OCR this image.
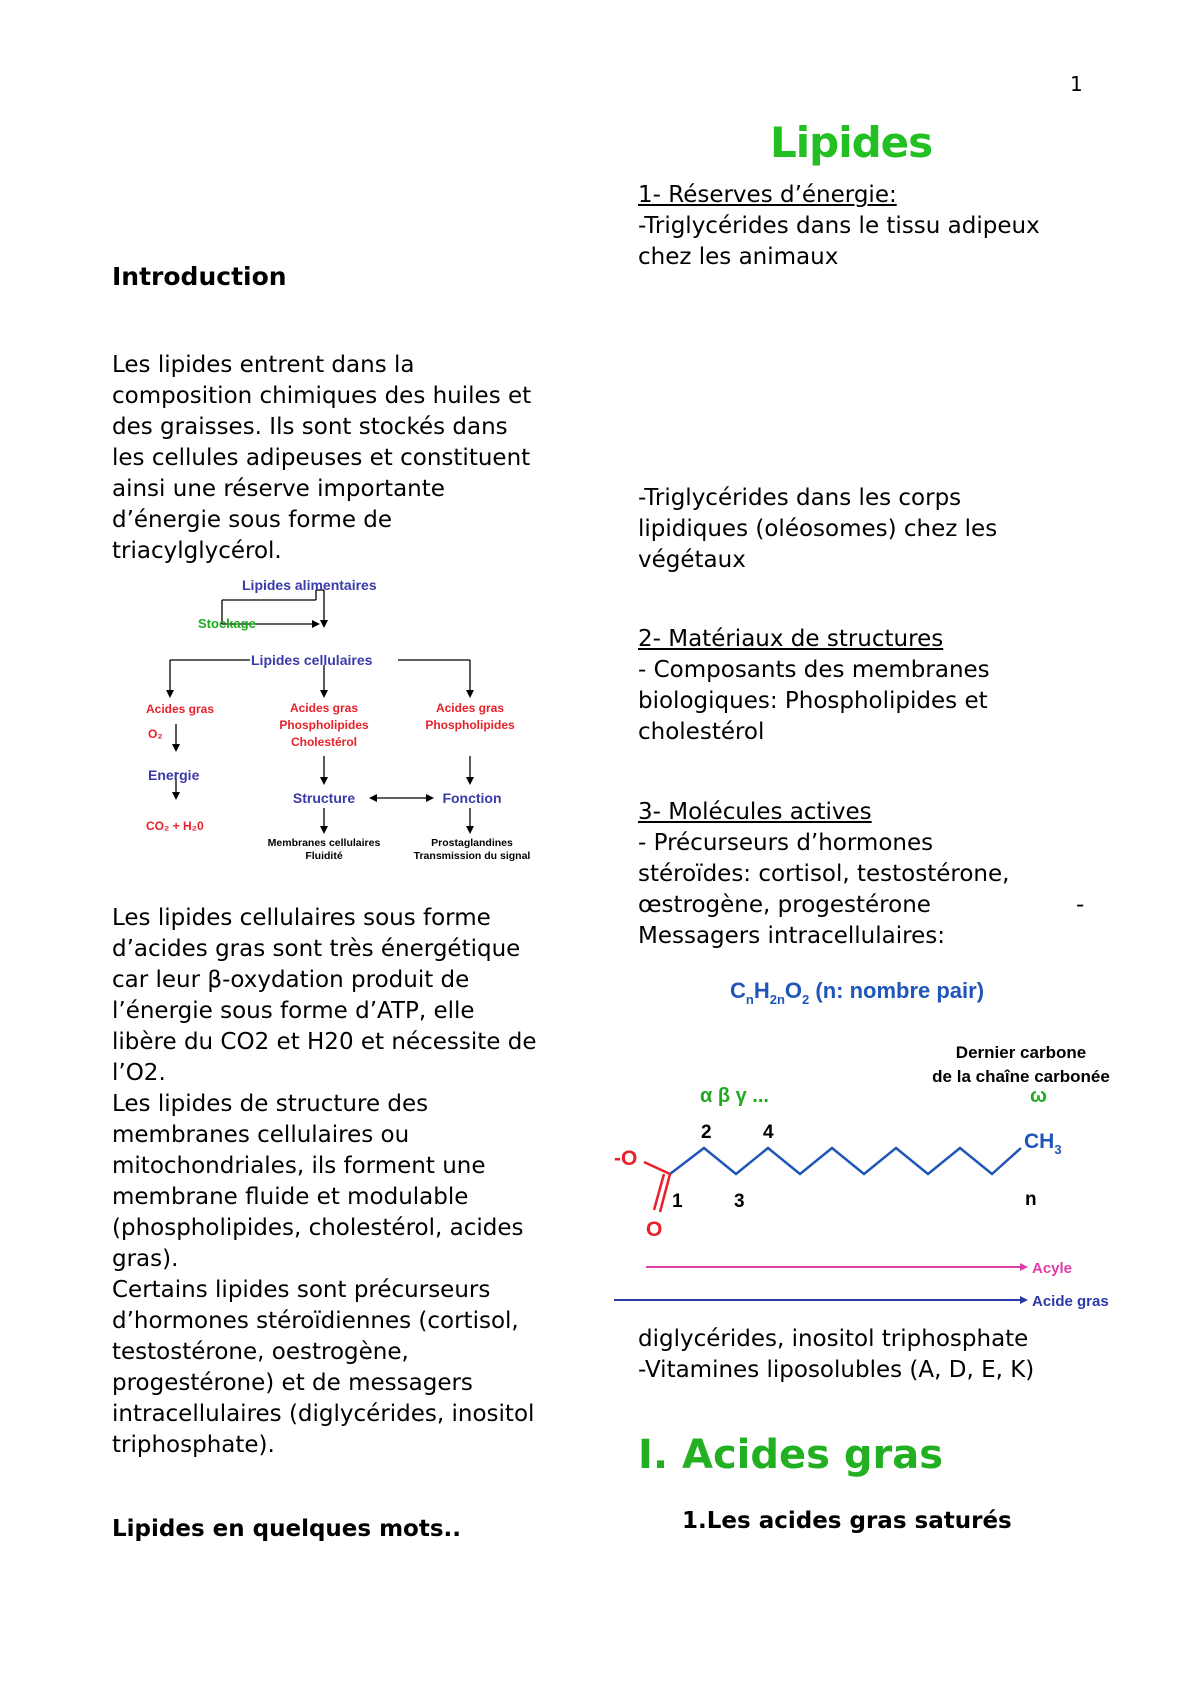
1
Lipides
Introduction
Les lipides entrent dans la
composition chimiques des huiles et
des graisses. Ils sont stockés dans
les cellules adipeuses et constituent
ainsi une réserve importante
d’énergie sous forme de
triacylglycérol.
Lipides alimentaires
Stockage
Lipides cellulaires
Acides gras
O₂
Energie
CO₂ + H₂0
Acides gras
Phospholipides
Cholestérol
Acides gras
Phospholipides
Structure	Fonction
Membranes cellulaires
Fluidité
Prostaglandines
Transmission du signal
Les lipides cellulaires sous forme
d’acides gras sont très énergétique
car leur β-oxydation produit de
l’énergie sous forme d’ATP, elle
libère du CO2 et H20 et nécessite de
l’O2.
Les lipides de structure des
membranes cellulaires ou
mitochondriales, ils forment une
membrane fluide et modulable
(phospholipides, cholestérol, acides
gras).
Certains lipides sont précurseurs
d’hormones stéroïdiennes (cortisol,
testostérone, oestrogène,
progestérone) et de messagers
intracellulaires (diglycérides, inositol
triphosphate).
Lipides en quelques mots..
1- Réserves d’énergie:
-Triglycérides dans le tissu adipeux
chez les animaux
-Triglycérides dans les corps
lipidiques (oléosomes) chez les
végétaux
2- Matériaux de structures
- Composants des membranes
biologiques: Phospholipides et
cholestérol
3- Molécules actives
- Précurseurs d’hormones
stéroïdes: cortisol, testostérone,
œstrogène, progestérone
Messagers intracellulaires:
-
$C_nH_{2n}O_2$ (n: nombre pair)
Dernier carbone
de la chaîne carbonée
α β γ ...	ω
2	4
1	3	n
-O
O
$CH_3$
Acyle
Acide gras
diglycérides, inositol triphosphate
-Vitamines liposolubles (A, D, E, K)
I. Acides gras
1.Les acides gras saturés
